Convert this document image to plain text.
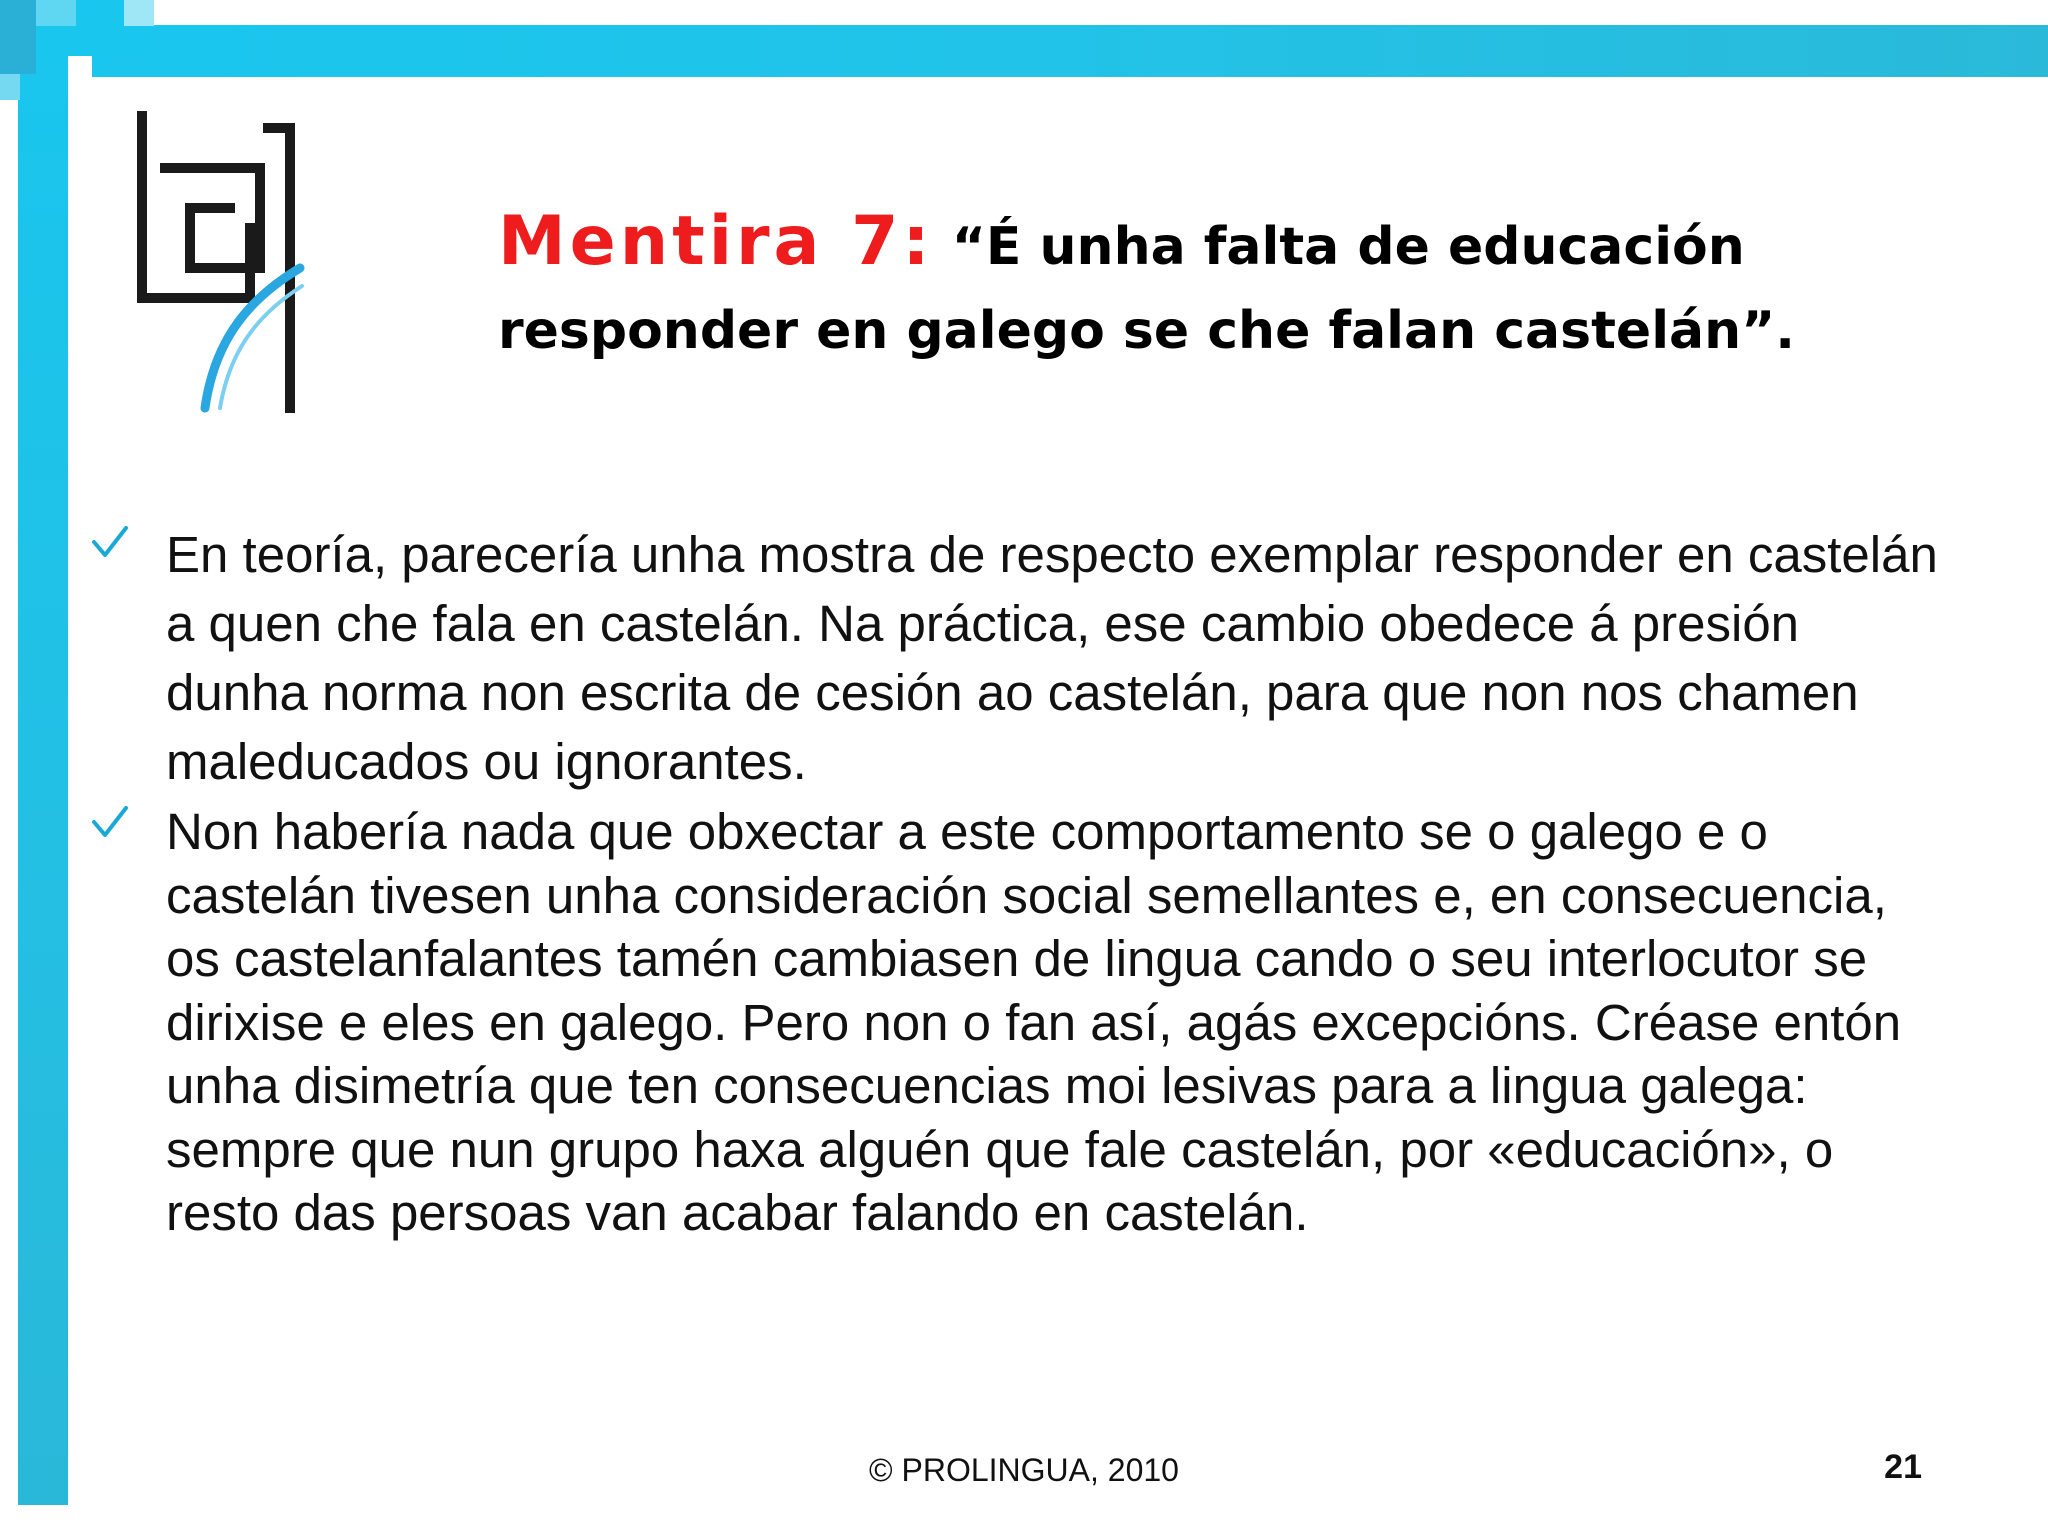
Mentira 7: “É unha falta de educación responder en galego se che falan castelán”.
En teoría, parecería unha mostra de respecto exemplar responder en castelán a quen che fala en castelán. Na práctica, ese cambio obedece á presión dunha norma non escrita de cesión ao castelán, para que non nos chamen maleducados ou ignorantes.
Non habería nada que obxectar a este comportamento se o galego e o castelán tivesen unha consideración social semellantes e, en consecuencia, os castelanfalantes tamén cambiasen de lingua cando o seu interlocutor se dirixise e eles en galego. Pero non o fan así, agás excepcións. Créase entón unha disimetría que ten consecuencias moi lesivas para a lingua galega: sempre que nun grupo haxa alguén que fale castelán, por «educación», o resto das persoas van acabar falando en castelán.
© PROLINGUA, 2010	21
